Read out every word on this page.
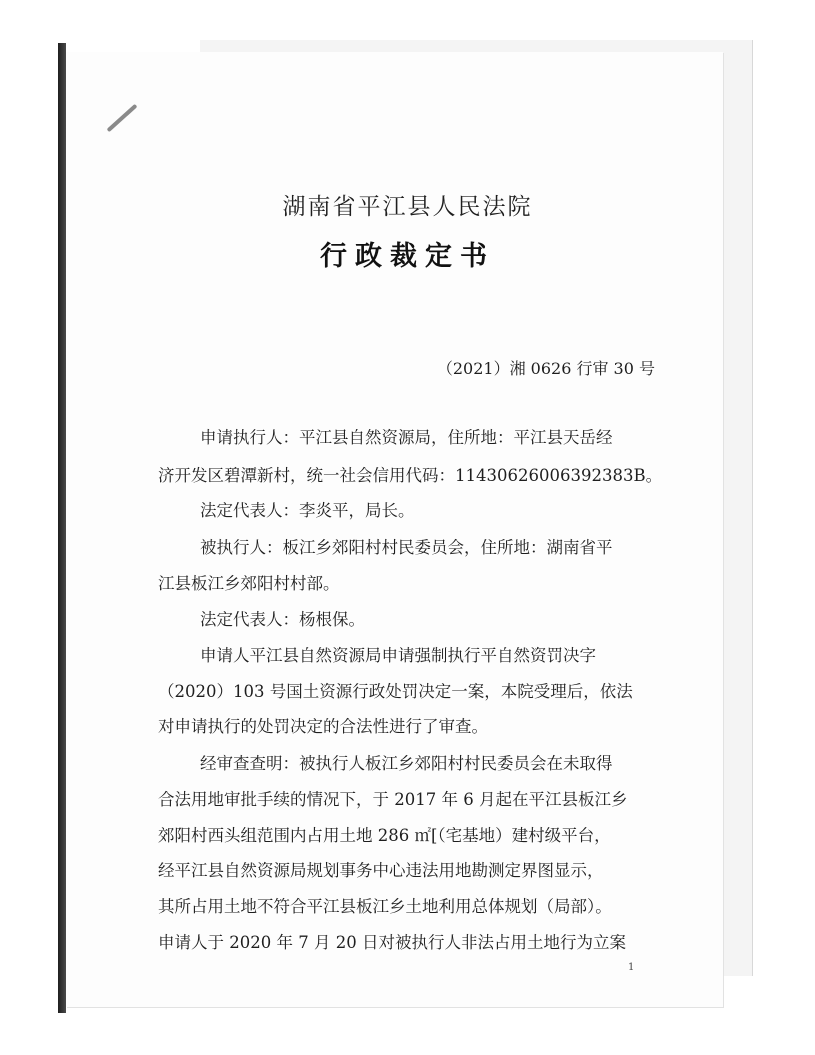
湖南省平江县人民法院
行政裁定书
（2021）湘 0626 行审 30 号
申请执行人：平江县自然资源局，住所地：平江县天岳经
济开发区碧潭新村，统一社会信用代码：11430626006392383B。
法定代表人：李炎平，局长。
被执行人：板江乡郊阳村村民委员会，住所地：湖南省平
江县板江乡郊阳村村部。
法定代表人：杨根保。
申请人平江县自然资源局申请强制执行平自然资罚决字
（2020）103 号国土资源行政处罚决定一案，本院受理后，依法
对申请执行的处罚决定的合法性进行了审查。
经审查查明：被执行人板江乡郊阳村村民委员会在未取得
合法用地审批手续的情况下，于 2017 年 6 月起在平江县板江乡
郊阳村西头组范围内占用土地 286 ㎡[（宅基地）建村级平台，
经平江县自然资源局规划事务中心违法用地勘测定界图显示，
其所占用土地不符合平江县板江乡土地利用总体规划（局部）。
申请人于 2020 年 7 月 20 日对被执行人非法占用土地行为立案
1
